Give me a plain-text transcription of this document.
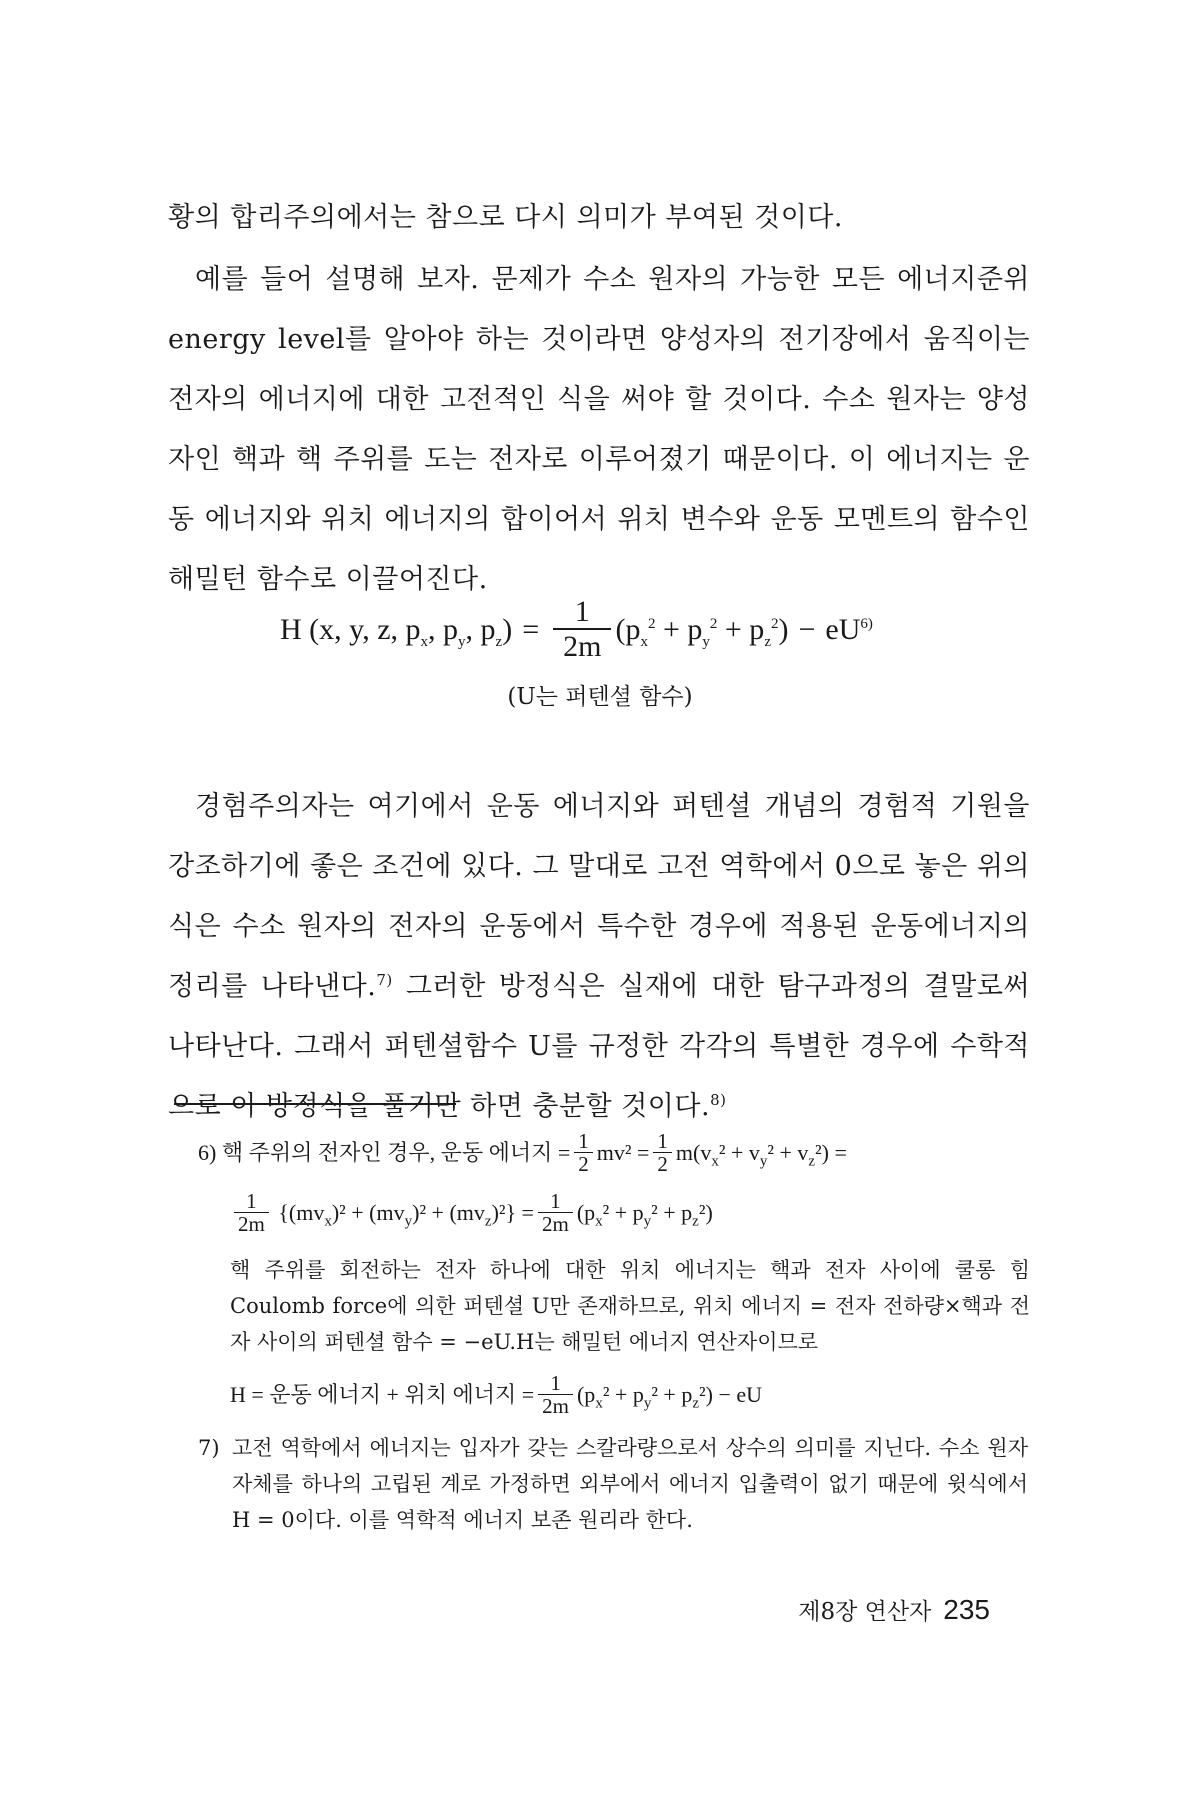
황의 합리주의에서는 참으로 다시 의미가 부여된 것이다.

예를 들어 설명해 보자. 문제가 수소 원자의 가능한 모든 에너지준위 energy level를 알아야 하는 것이라면 양성자의 전기장에서 움직이는 전자의 에너지에 대한 고전적인 식을 써야 할 것이다. 수소 원자는 양성자인 핵과 핵 주위를 도는 전자로 이루어졌기 때문이다. 이 에너지는 운동 에너지와 위치 에너지의 합이어서 위치 변수와 운동 모멘트의 함수인 해밀턴 함수로 이끌어진다.

H (x, y, z, $p_x$, $p_y$, $p_z) = \frac{1}{2m} (p_x^2 + p_y^2 + p_z^2) - eU^{6)}$
(U는 퍼텐셜 함수)

경험주의자는 여기에서 운동 에너지와 퍼텐셜 개념의 경험적 기원을 강조하기에 좋은 조건에 있다. 그 말대로 고전 역학에서 0으로 놓은 위의 식은 수소 원자의 전자의 운동에서 특수한 경우에 적용된 운동에너지의 정리를 나타낸다.$^{7)}$ 그러한 방정식은 실재에 대한 탐구과정의 결말로써 나타난다. 그래서 퍼텐셜함수 U를 규정한 각각의 특별한 경우에 수학적으로 이 방정식을 풀기만 하면 충분할 것이다.$^{8)}$

6) 핵 주위의 전자인 경우, 운동 에너지 = $\frac{1}{2} mv^2 = \frac{1}{2} m(v_x^2 + v_y^2 + v_z^2)$ =
$\frac{1}{2m} \{(mv_x)^2 + (mv_y)^2 + (mv_z)^2\} = \frac{1}{2m} (p_x^2 + p_y^2 + p_z^2)$

핵 주위를 회전하는 전자 하나에 대한 위치 에너지는 핵과 전자 사이에 쿨롱 힘 Coulomb force에 의한 퍼텐셜 U만 존재하므로, 위치 에너지 = 전자 전하량×핵과 전자 사이의 퍼텐셜 함수 = −eU.H는 해밀턴 에너지 연산자이므로

H = 운동 에너지 + 위치 에너지 = $\frac{1}{2m} (p_x^2 + p_y^2 + p_z^2)$ − eU
7) 고전 역학에서 에너지는 입자가 갖는 스칼라량으로서 상수의 의미를 지닌다. 수소 원자 자체를 하나의 고립된 계로 가정하면 외부에서 에너지 입출력이 없기 때문에 윗식에서 H = 0이다. 이를 역학적 에너지 보존 원리라 한다.
제8장 연산자 235
